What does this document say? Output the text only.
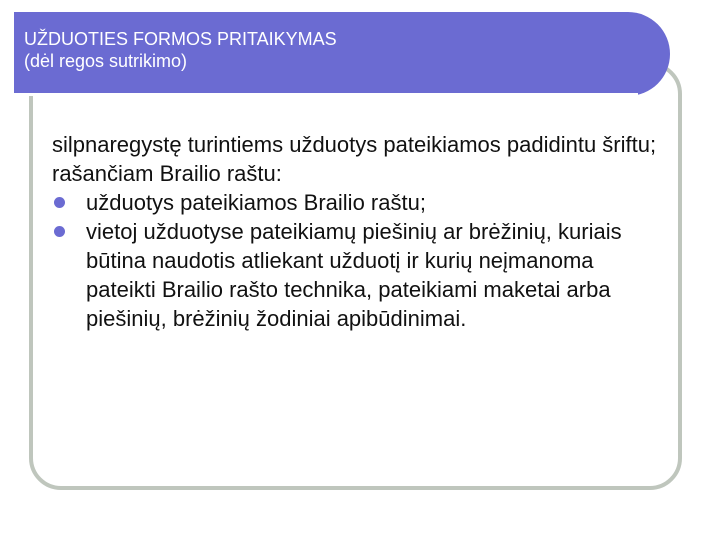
UŽDUOTIES FORMOS PRITAIKYMAS
(dėl regos sutrikimo)
silpnaregystę turintiems užduotys pateikiamos padidintu šriftu;
rašančiam Brailio raštu:
užduotys pateikiamos Brailio raštu;
vietoj užduotyse pateikiamų piešinių ar brėžinių, kuriais būtina naudotis atliekant užduotį ir kurių neįmanoma pateikti Brailio rašto technika, pateikiami maketai arba piešinių, brėžinių žodiniai apibūdinimai.
